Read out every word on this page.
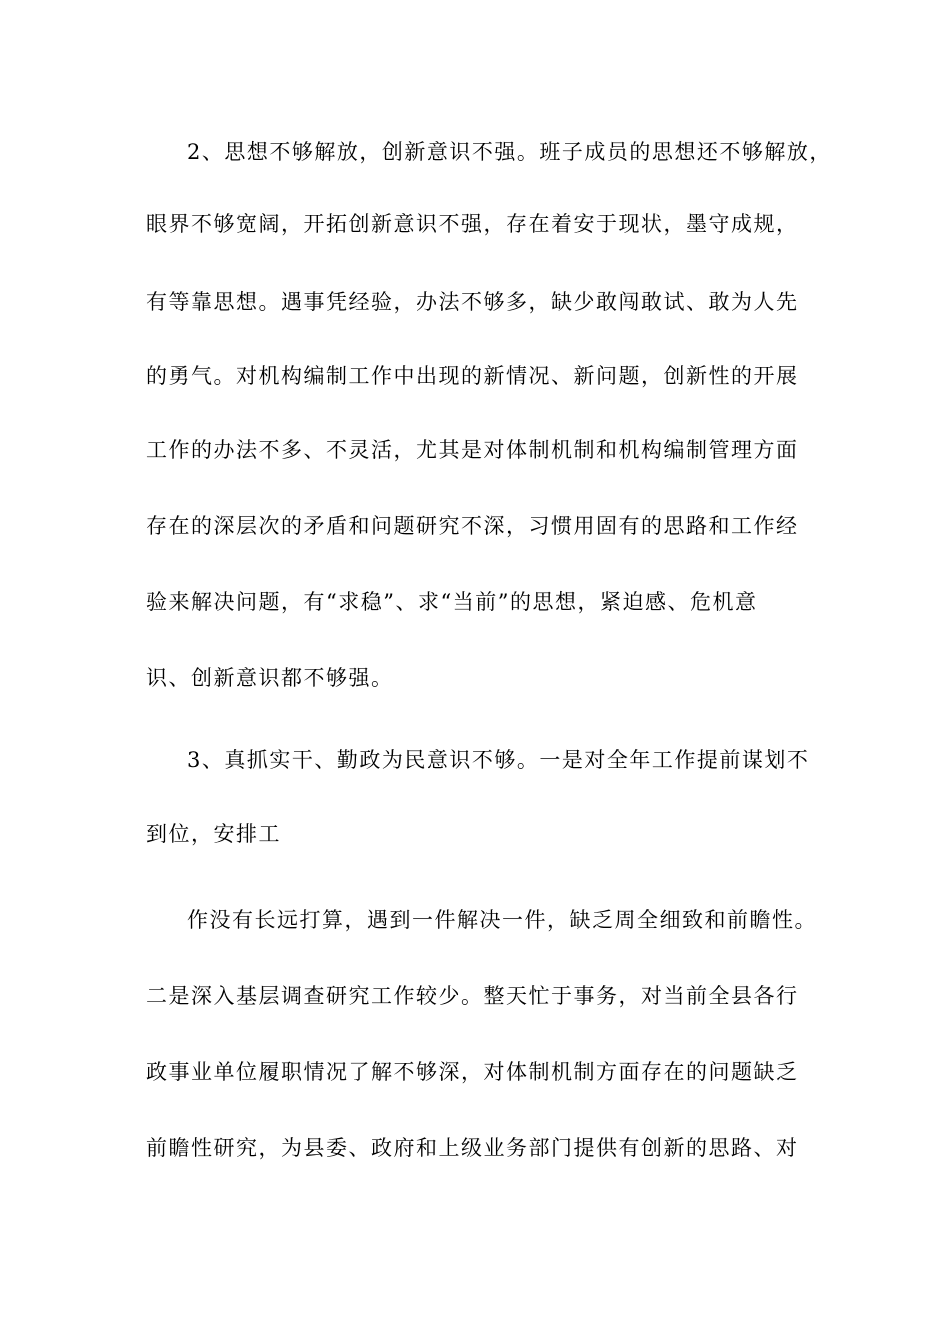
2、思想不够解放，创新意识不强。班子成员的思想还不够解放，
眼界不够宽阔，开拓创新意识不强，存在着安于现状，墨守成规，
有等靠思想。遇事凭经验，办法不够多，缺少敢闯敢试、敢为人先
的勇气。对机构编制工作中出现的新情况、新问题，创新性的开展
工作的办法不多、不灵活，尤其是对体制机制和机构编制管理方面
存在的深层次的矛盾和问题研究不深，习惯用固有的思路和工作经
验来解决问题，有“求稳”、求“当前”的思想，紧迫感、危机意
识、创新意识都不够强。
3、真抓实干、勤政为民意识不够。一是对全年工作提前谋划不
到位，安排工
作没有长远打算，遇到一件解决一件，缺乏周全细致和前瞻性。
二是深入基层调查研究工作较少。整天忙于事务，对当前全县各行
政事业单位履职情况了解不够深，对体制机制方面存在的问题缺乏
前瞻性研究，为县委、政府和上级业务部门提供有创新的思路、对
